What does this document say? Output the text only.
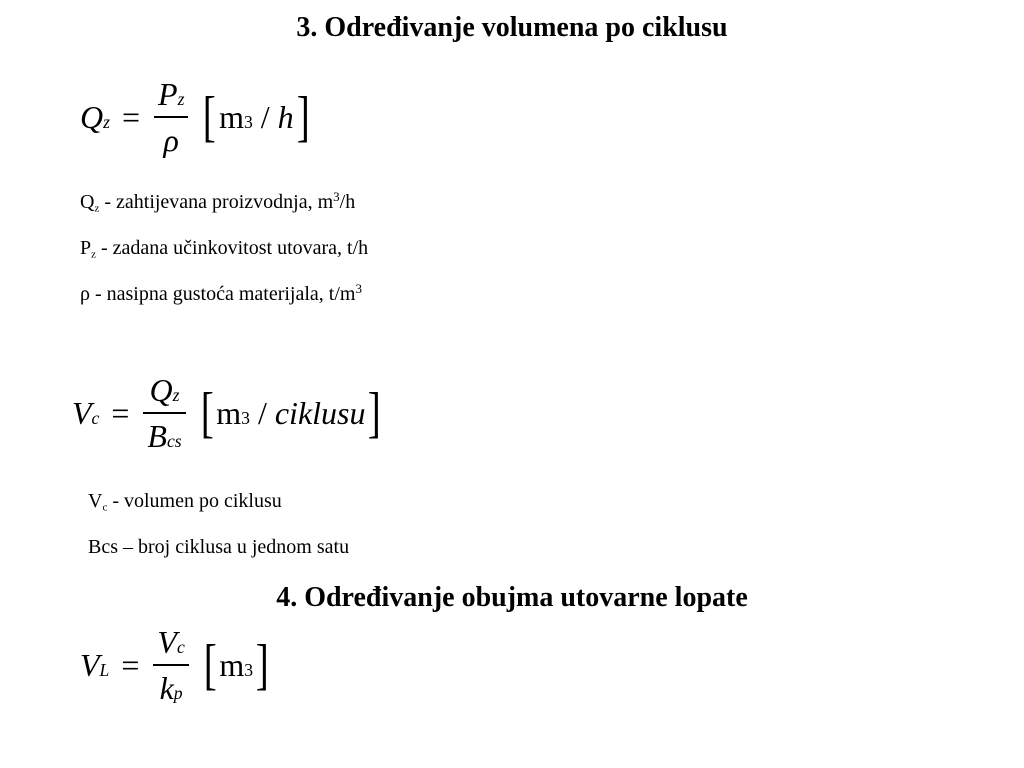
3. Određivanje volumena po ciklusu
Q $z = \frac{\text{P z}}{\rho}$ [ m 3 / h ]
$Q_z$ - zahtijevana proizvodnja, $m^3/h$
$P_z$ - zadana učinkovitost utovara, t/h
ρ - nasipna gustoća materijala, $t/m^3$
V $c = \frac{\text{Q z}}{\text{B cs}}$ [ m 3 / ciklusu ]
$V_c$ - volumen po ciklusu
Bcs – broj ciklusa u jednom satu
4. Određivanje obujma utovarne lopate
V $L = \frac{\text{V c}}{\text{k p}}$ [ m 3 ]
